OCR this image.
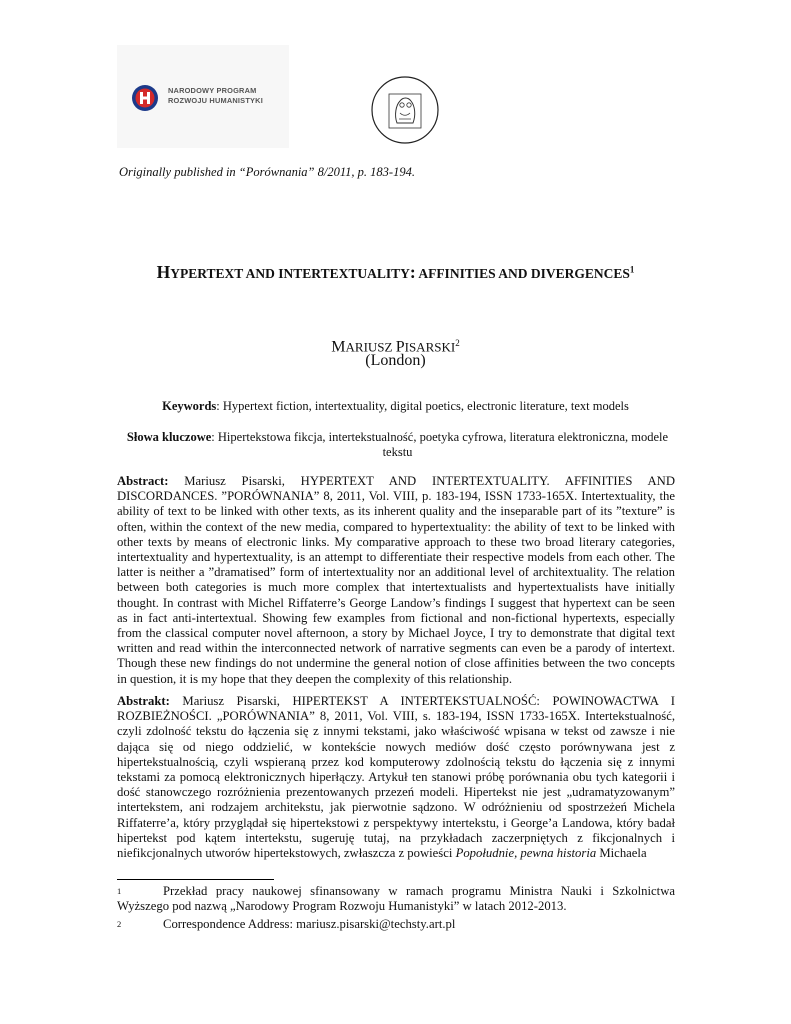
NARODOWY PROGRAM
ROZWOJU HUMANISTYKI
Originally published in “Porównania” 8/2011, p. 183-194.
HYPERTEXT AND INTERTEXTUALITY: AFFINITIES AND DIVERGENCES$^1$
MARIUSZ PISARSKI$^2$
(London)
Keywords: Hypertext fiction, intertextuality, digital poetics, electronic literature, text models
Słowa kluczowe: Hipertekstowa fikcja, intertekstualność, poetyka cyfrowa, literatura elektroniczna, modele tekstu
Abstract: Mariusz Pisarski, HYPERTEXT AND INTERTEXTUALITY. AFFINITIES AND DISCORDANCES. ”PORÓWNANIA” 8, 2011, Vol. VIII, p. 183-194, ISSN 1733-165X. Intertextuality, the ability of text to be linked with other texts, as its inherent quality and the inseparable part of its ”texture” is often, within the context of the new media, compared to hypertextuality: the ability of text to be linked with other texts by means of electronic links. My comparative approach to these two broad literary categories, intertextuality and hypertextuality, is an attempt to differentiate their respective models from each other. The latter is neither a ”dramatised” form of intertextuality nor an additional level of architextuality. The relation between both categories is much more complex that intertextualists and hypertextualists have initially thought. In contrast with Michel Riffaterre’s George Landow’s findings I suggest that hypertext can be seen as in fact anti-intertextual. Showing few examples from fictional and non-fictional hypertexts, especially from the classical computer novel afternoon, a story by Michael Joyce, I try to demonstrate that digital text written and read within the interconnected network of narrative segments can even be a parody of intertext. Though these new findings do not undermine the general notion of close affinities between the two concepts in question, it is my hope that they deepen the complexity of this relationship.
Abstrakt: Mariusz Pisarski, HIPERTEKST A INTERTEKSTUALNOŚĆ: POWINOWACTWA I ROZBIEŻNOŚCI. „PORÓWNANIA” 8, 2011, Vol. VIII, s. 183-194, ISSN 1733-165X. Intertekstualność, czyli zdolność tekstu do łączenia się z innymi tekstami, jako właściwość wpisana w tekst od zawsze i nie dająca się od niego oddzielić, w kontekście nowych mediów dość często porównywana jest z hipertekstualnością, czyli wspieraną przez kod komputerowy zdolnością tekstu do łączenia się z innymi tekstami za pomocą elektronicznych hiperłączy. Artykuł ten stanowi próbę porównania obu tych kategorii i dość stanowczego rozróżnienia prezentowanych przezeń modeli. Hipertekst nie jest „udramatyzowanym” intertekstem, ani rodzajem architekstu, jak pierwotnie sądzono. W odróżnieniu od spostrzeżeń Michela Riffaterre’a, który przyglądał się hipertekstowi z perspektywy intertekstu, i George’a Landowa, który badał hipertekst pod kątem intertekstu, sugeruję tutaj, na przykładach zaczerpniętych z fikcjonalnych i niefikcjonalnych utworów hipertekstowych, zwłaszcza z powieści Popołudnie, pewna historia Michaela
1	Przekład pracy naukowej sfinansowany w ramach programu Ministra Nauki i Szkolnictwa Wyższego pod nazwą „Narodowy Program Rozwoju Humanistyki” w latach 2012-2013.
2	Correspondence Address: mariusz.pisarski@techsty.art.pl
